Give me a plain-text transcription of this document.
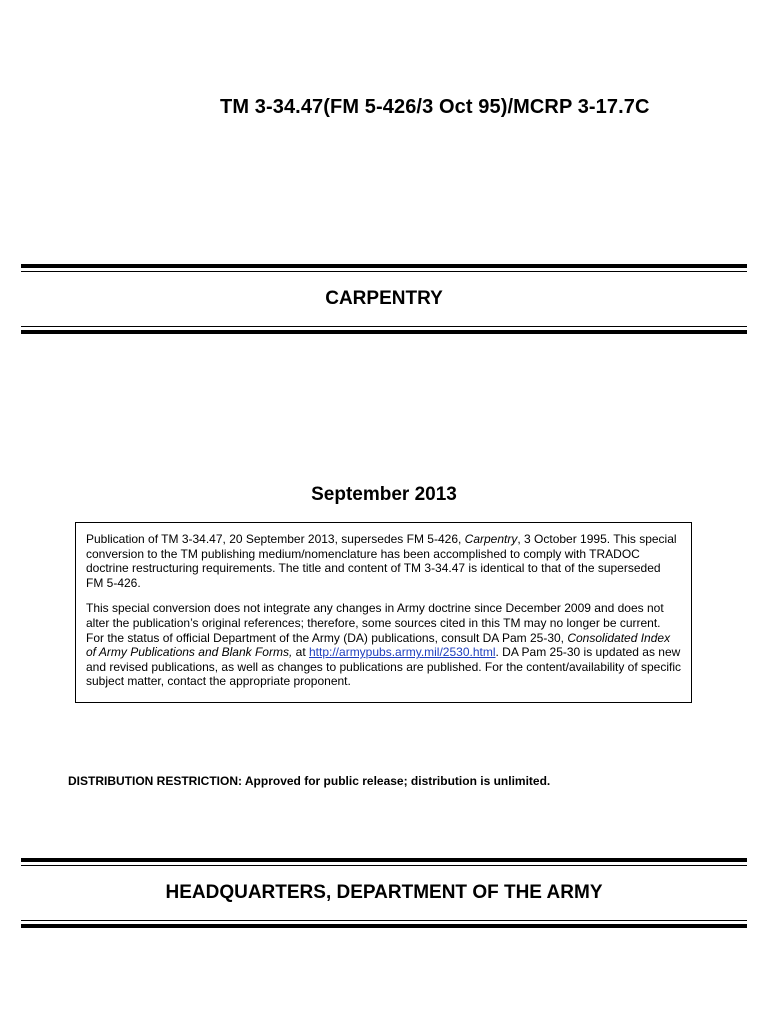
TM 3-34.47(FM 5-426/3 Oct 95)/MCRP 3-17.7C
CARPENTRY
September 2013

Publication of TM 3-34.47, 20 September 2013, supersedes FM 5-426, Carpentry, 3 October 1995. This special conversion to the TM publishing medium/nomenclature has been accomplished to comply with TRADOC doctrine restructuring requirements. The title and content of TM 3-34.47 is identical to that of the superseded FM 5-426.

This special conversion does not integrate any changes in Army doctrine since December 2009 and does not alter the publication’s original references; therefore, some sources cited in this TM may no longer be current. For the status of official Department of the Army (DA) publications, consult DA Pam 25-30, Consolidated Index of Army Publications and Blank Forms, at http://armypubs.army.mil/2530.html. DA Pam 25-30 is updated as new and revised publications, as well as changes to publications are published. For the content/availability of specific subject matter, contact the appropriate proponent.

DISTRIBUTION RESTRICTION: Approved for public release; distribution is unlimited.
HEADQUARTERS, DEPARTMENT OF THE ARMY
